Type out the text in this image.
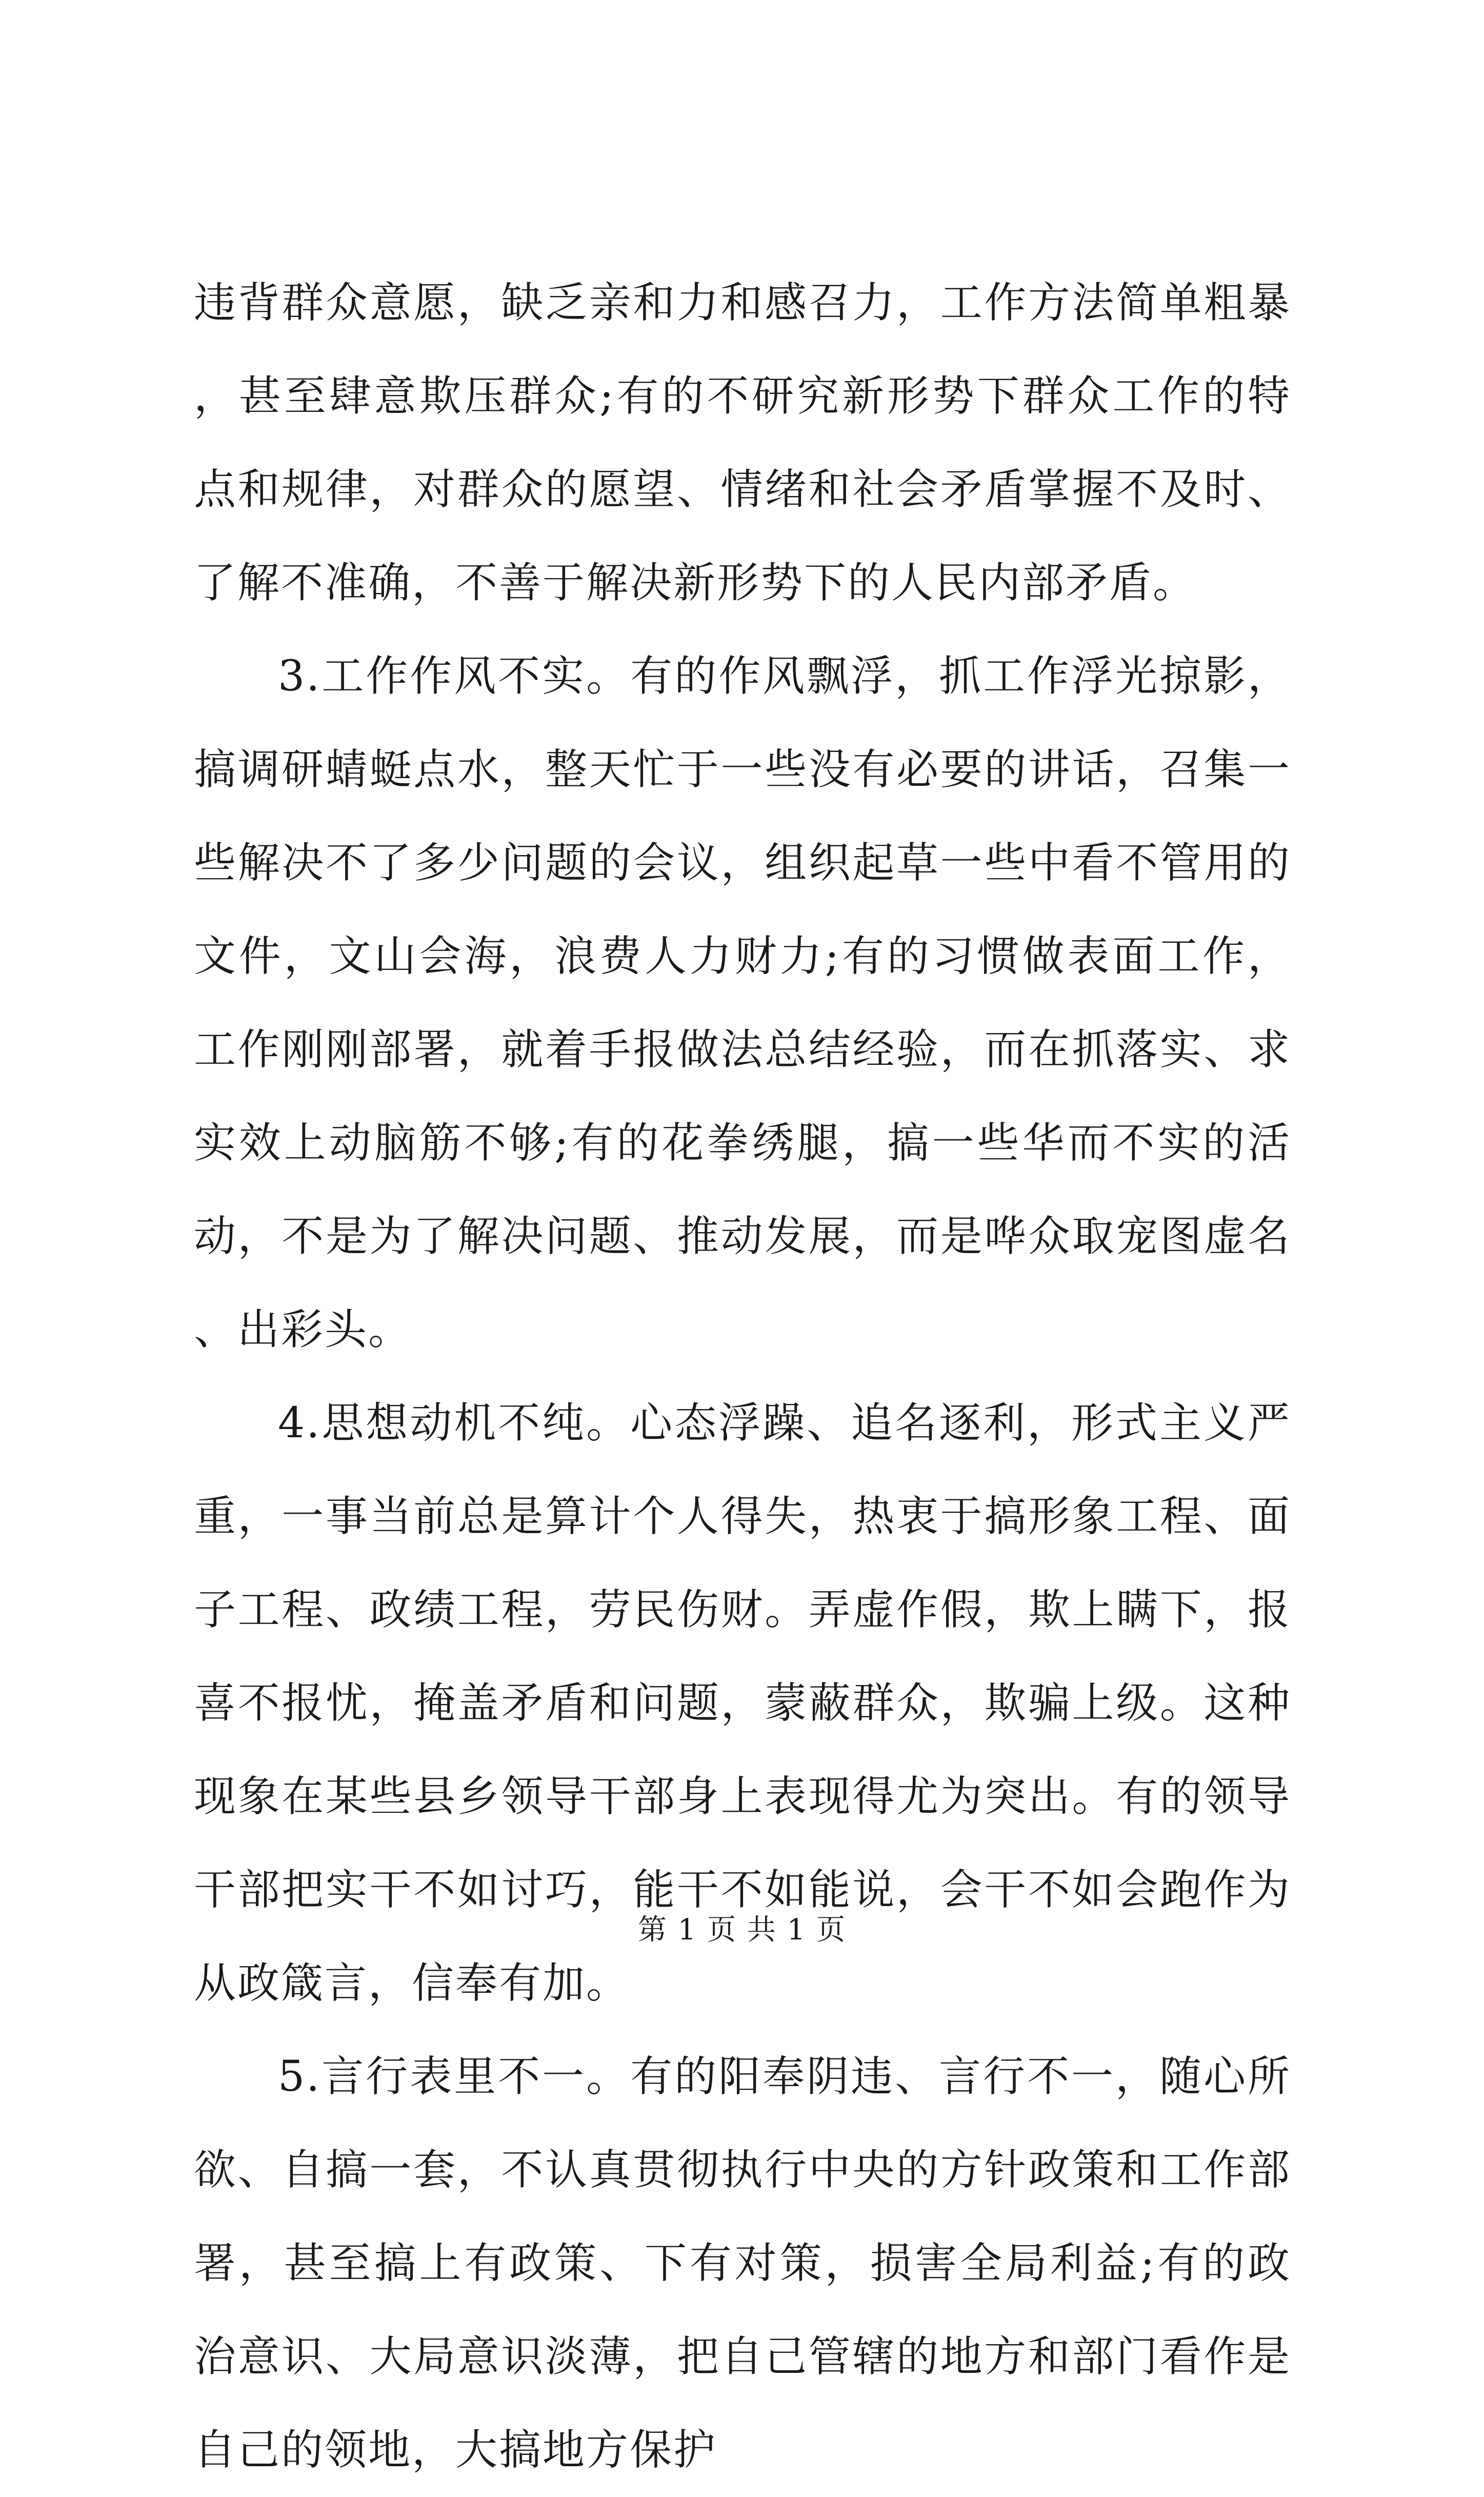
违背群众意愿，缺乏亲和力和感召力，工作方法简单粗暴，甚至肆意欺压群众;有的不研究新形势下群众工作的特点和规律，对群众的愿望、情绪和社会矛盾掌握不及时、了解不准确，不善于解决新形势下的人民内部矛盾。

3.工作作风不实。有的作风飘浮，抓工作浮光掠影，搞调研蜻蜓点水，整天忙于一些没有必要的讲话，召集一些解决不了多少问题的会议，组织起草一些中看不管用的文件，文山会海，浪费人力财力;有的习惯做表面工作，工作刚刚部署，就着手报做法总结经验，而在抓落实、求实效上动脑筋不够;有的花拳绣腿，搞一些华而不实的活动，不是为了解决问题、推动发展，而是哗众取宠图虚名、出彩头。

4.思想动机不纯。心态浮躁、追名逐利，形式主义严重，一事当前总是算计个人得失，热衷于搞形象工程、面子工程、政绩工程，劳民伤财。弄虚作假，欺上瞒下，报喜不报忧，掩盖矛盾和问题，蒙蔽群众，欺骗上级。这种现象在某些县乡领导干部身上表现得尤为突出。有的领导干部把实干不如讨巧，能干不如能说，会干不如会跑作为从政箴言，信奉有加。

5.言行表里不一。有的阳奉阴违、言行不一，随心所欲、自搞一套，不认真贯彻执行中央的方针政策和工作部署，甚至搞上有政策、下有对策，损害全局利益;有的政治意识、大局意识淡薄，把自己管辖的地方和部门看作是自己的领地，大搞地方保护

第 1 页 共 1 页
